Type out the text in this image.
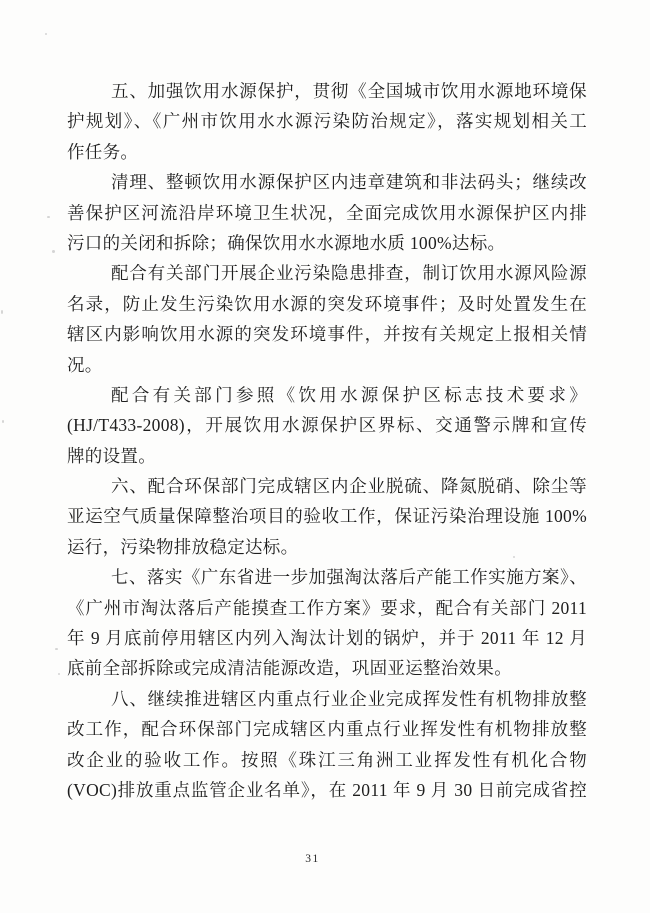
五、加强饮用水源保护，贯彻《全国城市饮用水源地环境保
护规划》、《广州市饮用水水源污染防治规定》，落实规划相关工
作任务。
清理、整顿饮用水源保护区内违章建筑和非法码头；继续改
善保护区河流沿岸环境卫生状况，全面完成饮用水源保护区内排
污口的关闭和拆除；确保饮用水水源地水质 100%达标。
配合有关部门开展企业污染隐患排查，制订饮用水源风险源
名录，防止发生污染饮用水源的突发环境事件；及时处置发生在
辖区内影响饮用水源的突发环境事件，并按有关规定上报相关情
况。
配合有关部门参照《饮用水源保护区标志技术要求》
(HJ/T433-2008)，开展饮用水源保护区界标、交通警示牌和宣传
牌的设置。
六、配合环保部门完成辖区内企业脱硫、降氮脱硝、除尘等
亚运空气质量保障整治项目的验收工作，保证污染治理设施 100%
运行，污染物排放稳定达标。
七、落实《广东省进一步加强淘汰落后产能工作实施方案》、
《广州市淘汰落后产能摸查工作方案》要求，配合有关部门 2011
年 9 月底前停用辖区内列入淘汰计划的锅炉，并于 2011 年 12 月
底前全部拆除或完成清洁能源改造，巩固亚运整治效果。
八、继续推进辖区内重点行业企业完成挥发性有机物排放整
改工作，配合环保部门完成辖区内重点行业挥发性有机物排放整
改企业的验收工作。按照《珠江三角洲工业挥发性有机化合物
(VOC)排放重点监管企业名单》，在 2011 年 9 月 30 日前完成省控
31
